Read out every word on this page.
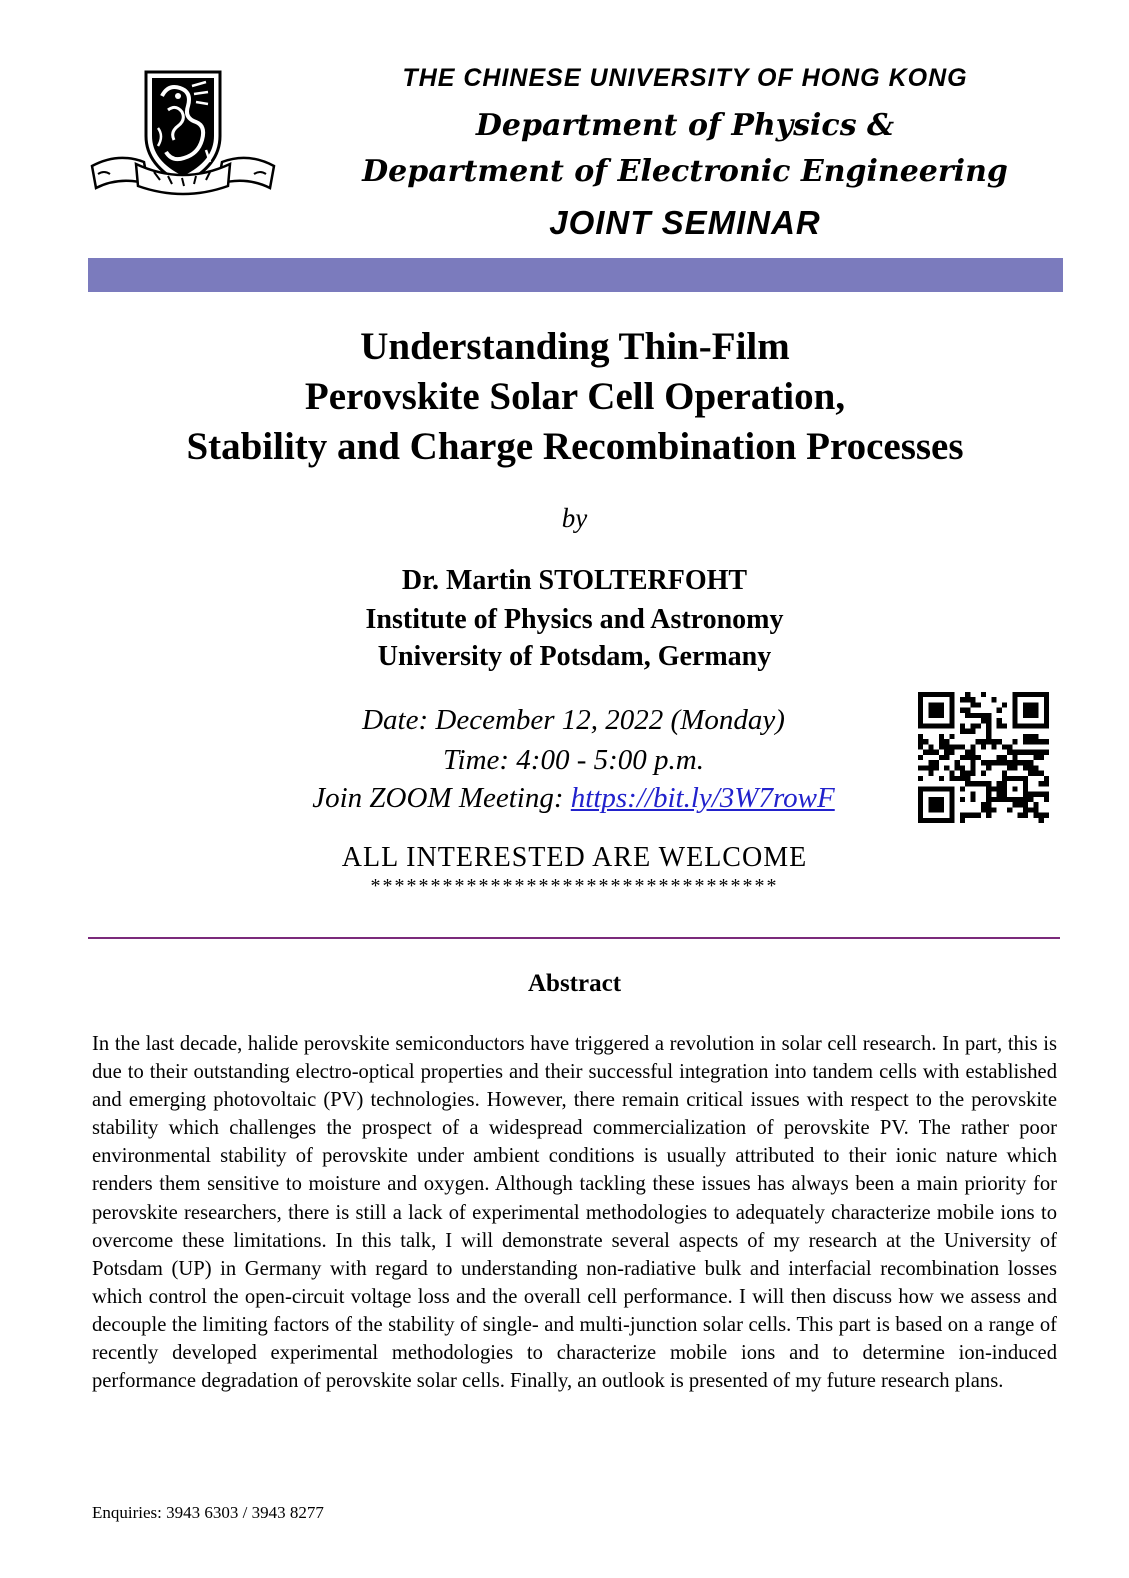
THE CHINESE UNIVERSITY OF HONG KONG
Department of Physics &
Department of Electronic Engineering
JOINT SEMINAR
Understanding Thin-Film
Perovskite Solar Cell Operation,
Stability and Charge Recombination Processes
by
Dr. Martin STOLTERFOHT
Institute of Physics and Astronomy
University of Potsdam, Germany
Date: December 12, 2022 (Monday)
Time: 4:00 - 5:00 p.m.
Join ZOOM Meeting: https://bit.ly/3W7rowF
ALL INTERESTED ARE WELCOME
**********************************
Abstract
In the last decade, halide perovskite semiconductors have triggered a revolution in solar cell research. In part, this is due to their outstanding electro-optical properties and their successful integration into tandem cells with established and emerging photovoltaic (PV) technologies. However, there remain critical issues with respect to the perovskite stability which challenges the prospect of a widespread commercialization of perovskite PV. The rather poor environmental stability of perovskite under ambient conditions is usually attributed to their ionic nature which renders them sensitive to moisture and oxygen. Although tackling these issues has always been a main priority for perovskite researchers, there is still a lack of experimental methodologies to adequately characterize mobile ions to overcome these limitations. In this talk, I will demonstrate several aspects of my research at the University of Potsdam (UP) in Germany with regard to understanding non-radiative bulk and interfacial recombination losses which control the open-circuit voltage loss and the overall cell performance. I will then discuss how we assess and decouple the limiting factors of the stability of single- and multi-junction solar cells. This part is based on a range of recently developed experimental methodologies to characterize mobile ions and to determine ion-induced performance degradation of perovskite solar cells. Finally, an outlook is presented of my future research plans.
Enquiries: 3943 6303 / 3943 8277
